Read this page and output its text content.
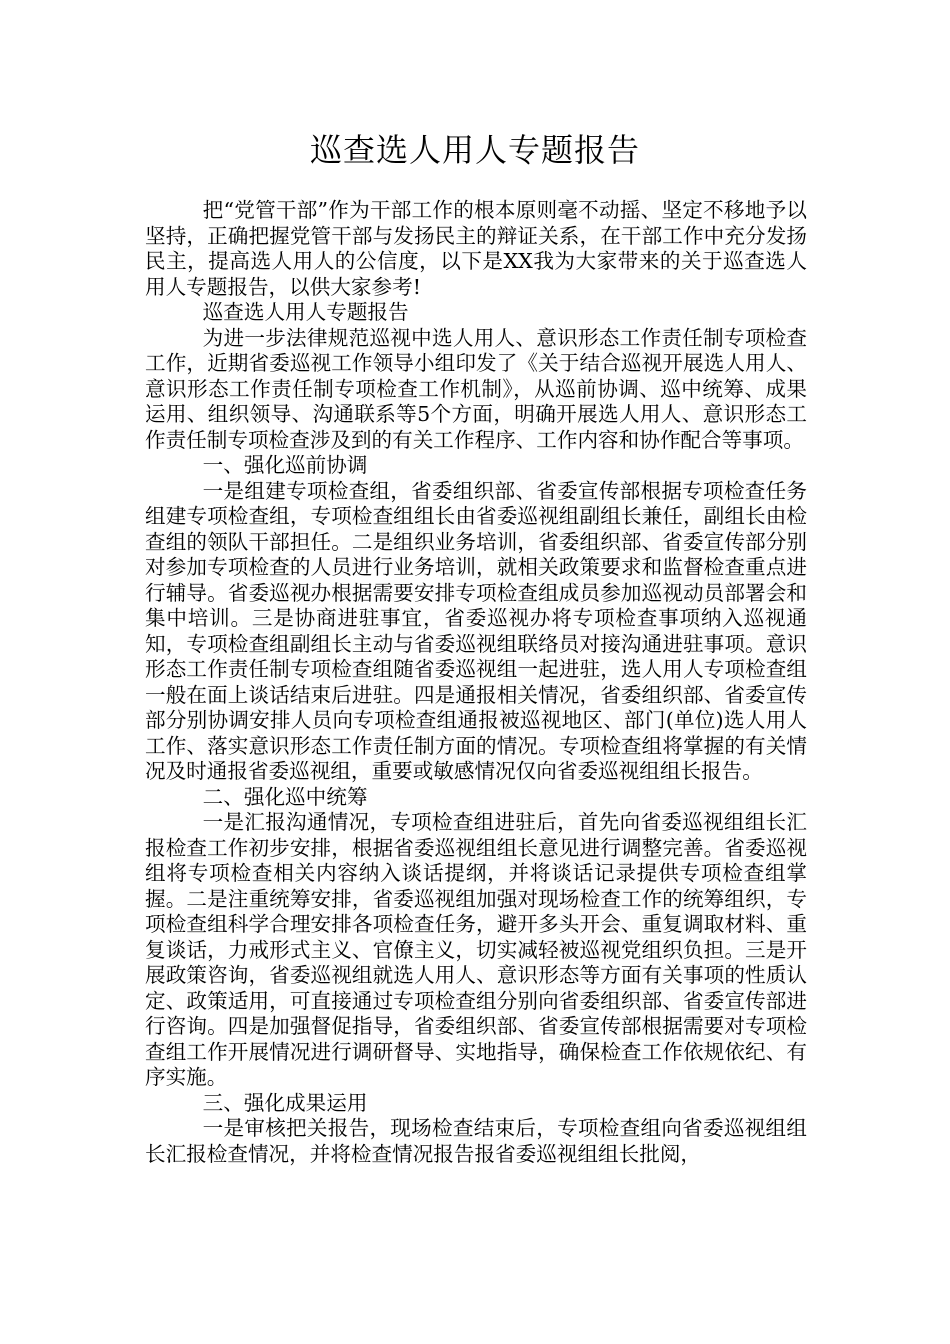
巡查选人用人专题报告

把“党管干部”作为干部工作的根本原则毫不动摇、坚定不移地予以坚持，正确把握党管干部与发扬民主的辩证关系，在干部工作中充分发扬民主，提高选人用人的公信度，以下是XX我为大家带来的关于巡查选人用人专题报告，以供大家参考!

巡查选人用人专题报告

为进一步法律规范巡视中选人用人、意识形态工作责任制专项检查工作，近期省委巡视工作领导小组印发了《关于结合巡视开展选人用人、意识形态工作责任制专项检查工作机制》，从巡前协调、巡中统筹、成果运用、组织领导、沟通联系等5个方面，明确开展选人用人、意识形态工作责任制专项检查涉及到的有关工作程序、工作内容和协作配合等事项。

一、强化巡前协调

一是组建专项检查组，省委组织部、省委宣传部根据专项检查任务组建专项检查组，专项检查组组长由省委巡视组副组长兼任，副组长由检查组的领队干部担任。二是组织业务培训，省委组织部、省委宣传部分别对参加专项检查的人员进行业务培训，就相关政策要求和监督检查重点进行辅导。省委巡视办根据需要安排专项检查组成员参加巡视动员部署会和集中培训。三是协商进驻事宜，省委巡视办将专项检查事项纳入巡视通知，专项检查组副组长主动与省委巡视组联络员对接沟通进驻事项。意识形态工作责任制专项检查组随省委巡视组一起进驻，选人用人专项检查组一般在面上谈话结束后进驻。四是通报相关情况，省委组织部、省委宣传部分别协调安排人员向专项检查组通报被巡视地区、部门(单位)选人用人工作、落实意识形态工作责任制方面的情况。专项检查组将掌握的有关情况及时通报省委巡视组，重要或敏感情况仅向省委巡视组组长报告。

二、强化巡中统筹

一是汇报沟通情况，专项检查组进驻后，首先向省委巡视组组长汇报检查工作初步安排，根据省委巡视组组长意见进行调整完善。省委巡视组将专项检查相关内容纳入谈话提纲，并将谈话记录提供专项检查组掌握。二是注重统筹安排，省委巡视组加强对现场检查工作的统筹组织，专项检查组科学合理安排各项检查任务，避开多头开会、重复调取材料、重复谈话，力戒形式主义、官僚主义，切实减轻被巡视党组织负担。三是开展政策咨询，省委巡视组就选人用人、意识形态等方面有关事项的性质认定、政策适用，可直接通过专项检查组分别向省委组织部、省委宣传部进行咨询。四是加强督促指导，省委组织部、省委宣传部根据需要对专项检查组工作开展情况进行调研督导、实地指导，确保检查工作依规依纪、有序实施。

三、强化成果运用

一是审核把关报告，现场检查结束后，专项检查组向省委巡视组组长汇报检查情况，并将检查情况报告报省委巡视组组长批阅，
